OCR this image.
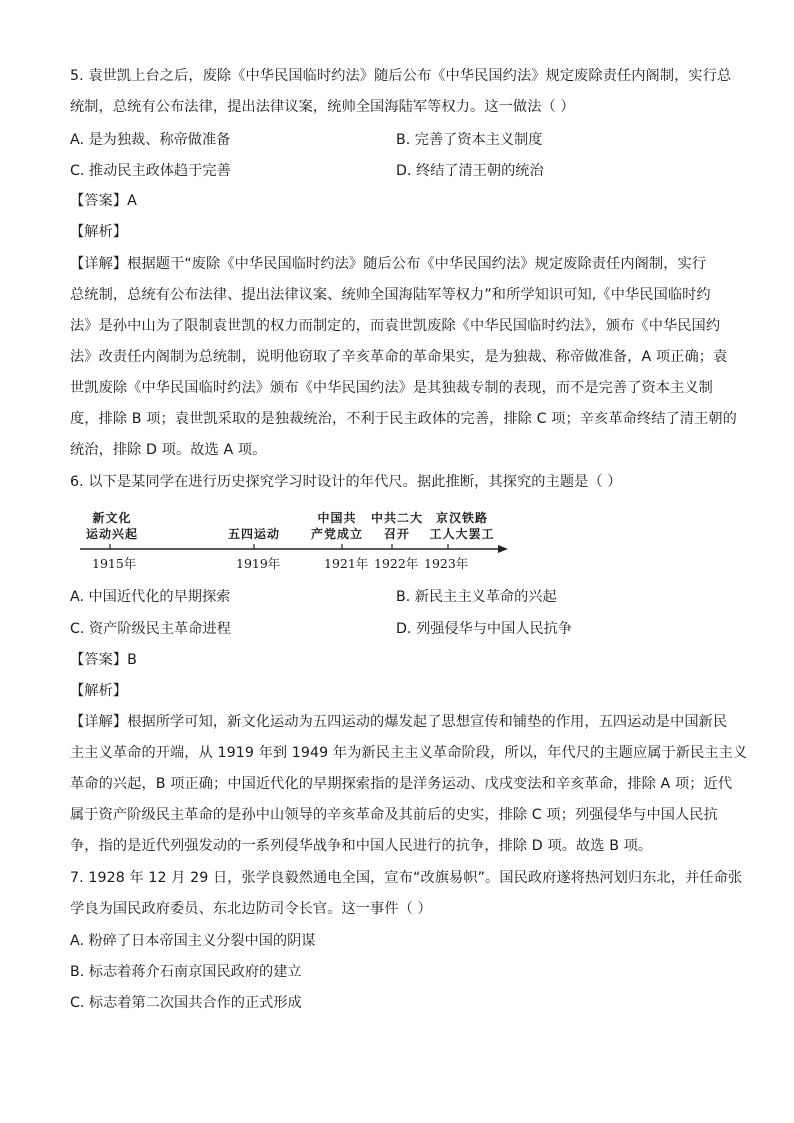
5. 袁世凯上台之后，废除《中华民国临时约法》随后公布《中华民国约法》规定废除责任内阁制，实行总
统制，总统有公布法律，提出法律议案，统帅全国海陆军等权力。这一做法（ ）
A. 是为独裁、称帝做准备	B. 完善了资本主义制度
C. 推动民主政体趋于完善	D. 终结了清王朝的统治
【答案】A
【解析】
【详解】根据题干“废除《中华民国临时约法》随后公布《中华民国约法》规定废除责任内阁制，实行
总统制，总统有公布法律、提出法律议案、统帅全国海陆军等权力”和所学知识可知,《中华民国临时约
法》是孙中山为了限制袁世凯的权力而制定的，而袁世凯废除《中华民国临时约法》，颁布《中华民国约
法》改责任内阁制为总统制，说明他窃取了辛亥革命的革命果实，是为独裁、称帝做准备，A 项正确；袁
世凯废除《中华民国临时约法》颁布《中华民国约法》是其独裁专制的表现，而不是完善了资本主义制
度，排除 B 项；袁世凯采取的是独裁统治，不利于民主政体的完善，排除 C 项；辛亥革命终结了清王朝的
统治，排除 D 项。故选 A 项。
6. 以下是某同学在进行历史探究学习时设计的年代尺。据此推断，其探究的主题是（ ）
新文化
运动兴起	五四运动
中国共
产党成立
中共二大
召开
京汉铁路
工人大罢工
1915年	1919年	1921年 1922年 1923年
A. 中国近代化的早期探索	B. 新民主主义革命的兴起
C. 资产阶级民主革命进程	D. 列强侵华与中国人民抗争
【答案】B
【解析】
【详解】根据所学可知，新文化运动为五四运动的爆发起了思想宣传和铺垫的作用，五四运动是中国新民
主主义革命的开端，从 1919 年到 1949 年为新民主主义革命阶段，所以，年代尺的主题应属于新民主主义
革命的兴起，B 项正确；中国近代化的早期探索指的是洋务运动、戊戌变法和辛亥革命，排除 A 项；近代
属于资产阶级民主革命的是孙中山领导的辛亥革命及其前后的史实，排除 C 项；列强侵华与中国人民抗
争，指的是近代列强发动的一系列侵华战争和中国人民进行的抗争，排除 D 项。故选 B 项。
7. 1928 年 12 月 29 日，张学良毅然通电全国，宣布“改旗易帜”。国民政府遂将热河划归东北，并任命张
学良为国民政府委员、东北边防司令长官。这一事件（ ）
A. 粉碎了日本帝国主义分裂中国的阴谋
B. 标志着蒋介石南京国民政府的建立
C. 标志着第二次国共合作的正式形成
